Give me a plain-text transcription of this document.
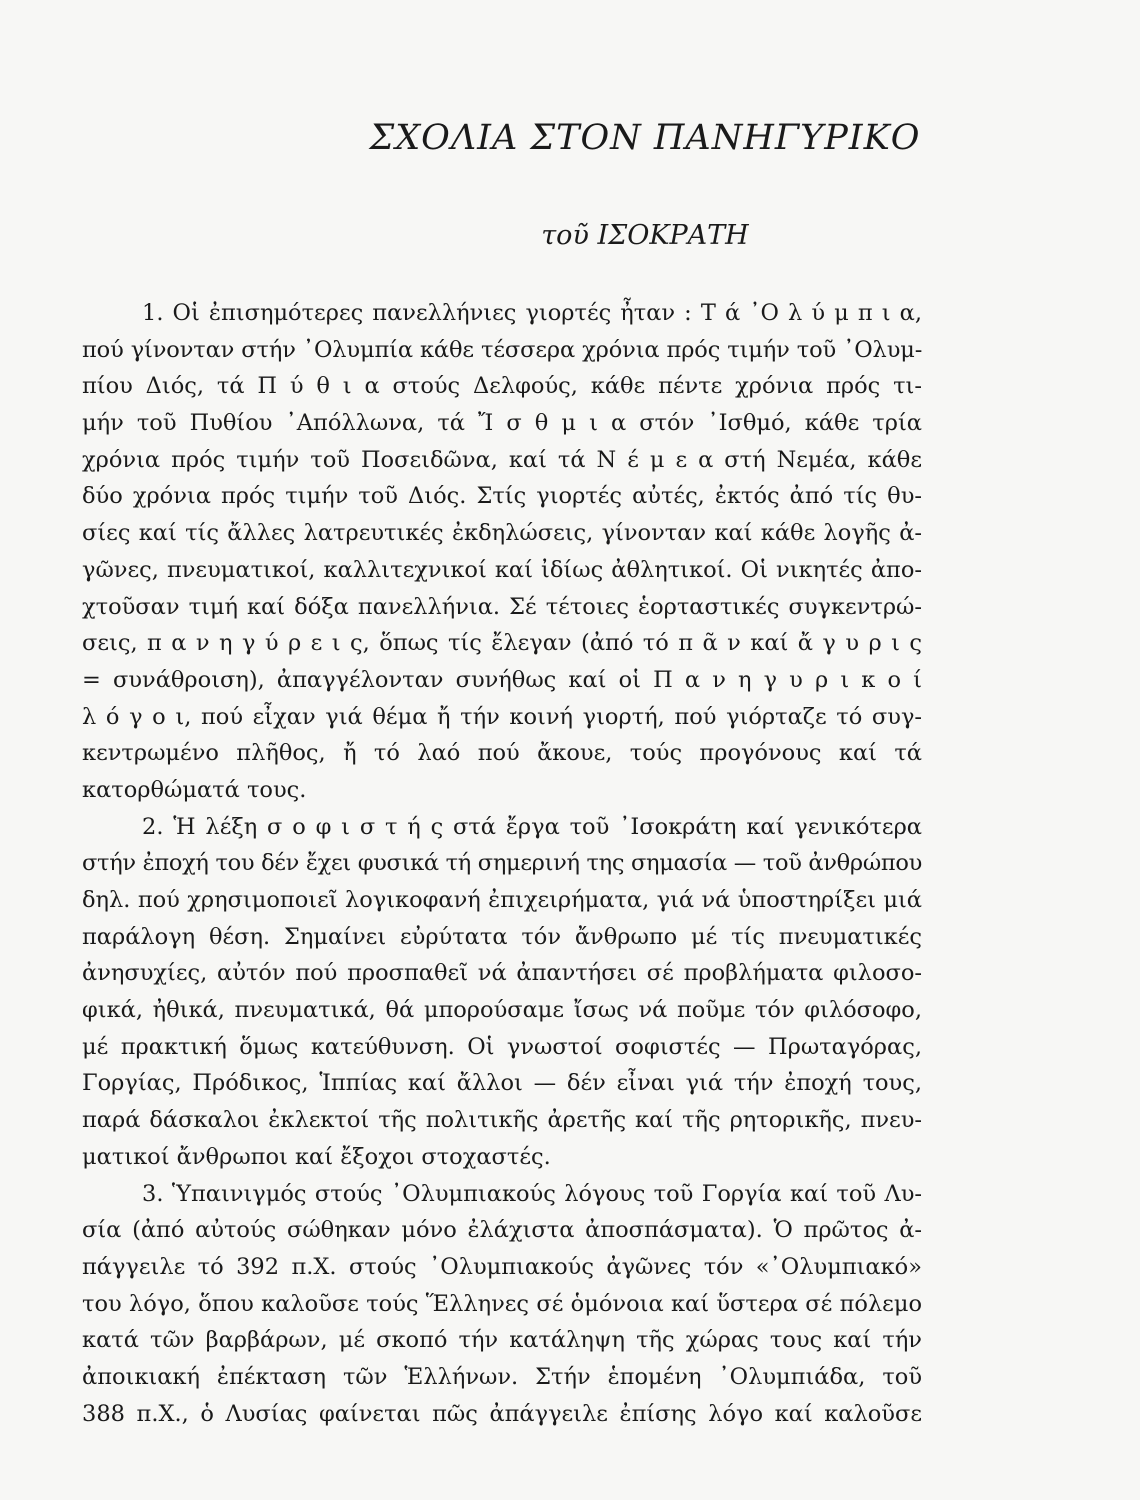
ΣΧΟΛΙΑ ΣΤΟΝ ΠΑΝΗΓΥΡΙΚΟ
τοῦ ΙΣΟΚΡΑΤΗ
1. Οἱ ἐπισημότερες πανελλήνιες γιορτές ἦταν : Τ ά ᾿Ο λ ύ μ π ι α,
πού γίνονταν στήν ᾿Ολυμπία κάθε τέσσερα χρόνια πρός τιμήν τοῦ ᾿Ολυμ-
πίου Διός, τά Π ύ θ ι α στούς Δελφούς, κάθε πέντε χρόνια πρός τι-
μήν τοῦ Πυθίου ᾿Απόλλωνα, τά Ἴ σ θ μ ι α στόν ᾿Ισθμό, κάθε τρία
χρόνια πρός τιμήν τοῦ Ποσειδῶνα, καί τά Ν έ μ ε α στή Νεμέα, κάθε
δύο χρόνια πρός τιμήν τοῦ Διός. Στίς γιορτές αὐτές, ἐκτός ἀπό τίς θυ-
σίες καί τίς ἄλλες λατρευτικές ἐκδηλώσεις, γίνονταν καί κάθε λογῆς ἀ-
γῶνες, πνευματικοί, καλλιτεχνικοί καί ἰδίως ἀθλητικοί. Οἱ νικητές ἀπο-
χτοῦσαν τιμή καί δόξα πανελλήνια. Σέ τέτοιες ἑορταστικές συγκεντρώ-
σεις, π α ν η γ ύ ρ ε ι ς, ὅπως τίς ἔλεγαν (ἀπό τό π ᾶ ν καί ἄ γ υ ρ ι ς
= συνάθροιση), ἀπαγγέλονταν συνήθως καί οἱ Π α ν η γ υ ρ ι κ ο ί
λ ό γ ο ι, πού εἶχαν γιά θέμα ἤ τήν κοινή γιορτή, πού γιόρταζε τό συγ-
κεντρωμένο πλῆθος, ἤ τό λαό πού ἄκουε, τούς προγόνους καί τά
κατορθώματά τους.
2. Ἡ λέξη σ ο φ ι σ τ ή ς στά ἔργα τοῦ ᾿Ισοκράτη καί γενικότερα
στήν ἐποχή του δέν ἔχει φυσικά τή σημερινή της σημασία — τοῦ ἀνθρώπου
δηλ. πού χρησιμοποιεῖ λογικοφανή ἐπιχειρήματα, γιά νά ὑποστηρίξει μιά
παράλογη θέση. Σημαίνει εὐρύτατα τόν ἄνθρωπο μέ τίς πνευματικές
ἀνησυχίες, αὐτόν πού προσπαθεῖ νά ἀπαντήσει σέ προβλήματα φιλοσο-
φικά, ἠθικά, πνευματικά, θά μπορούσαμε ἴσως νά ποῦμε τόν φιλόσοφο,
μέ πρακτική ὅμως κατεύθυνση. Οἱ γνωστοί σοφιστές — Πρωταγόρας,
Γοργίας, Πρόδικος, Ἱππίας καί ἄλλοι — δέν εἶναι γιά τήν ἐποχή τους,
παρά δάσκαλοι ἐκλεκτοί τῆς πολιτικῆς ἀρετῆς καί τῆς ρητορικῆς, πνευ-
ματικοί ἄνθρωποι καί ἔξοχοι στοχαστές.
3. Ὑπαινιγμός στούς ᾿Ολυμπιακούς λόγους τοῦ Γοργία καί τοῦ Λυ-
σία (ἀπό αὐτούς σώθηκαν μόνο ἐλάχιστα ἀποσπάσματα). Ὁ πρῶτος ἀ-
πάγγειλε τό 392 π.Χ. στούς ᾿Ολυμπιακούς ἀγῶνες τόν «᾿Ολυμπιακό»
του λόγο, ὅπου καλοῦσε τούς Ἕλληνες σέ ὁμόνοια καί ὕστερα σέ πόλεμο
κατά τῶν βαρβάρων, μέ σκοπό τήν κατάληψη τῆς χώρας τους καί τήν
ἀποικιακή ἐπέκταση τῶν Ἑλλήνων. Στήν ἑπομένη ᾿Ολυμπιάδα, τοῦ
388 π.Χ., ὁ Λυσίας φαίνεται πῶς ἀπάγγειλε ἐπίσης λόγο καί καλοῦσε
